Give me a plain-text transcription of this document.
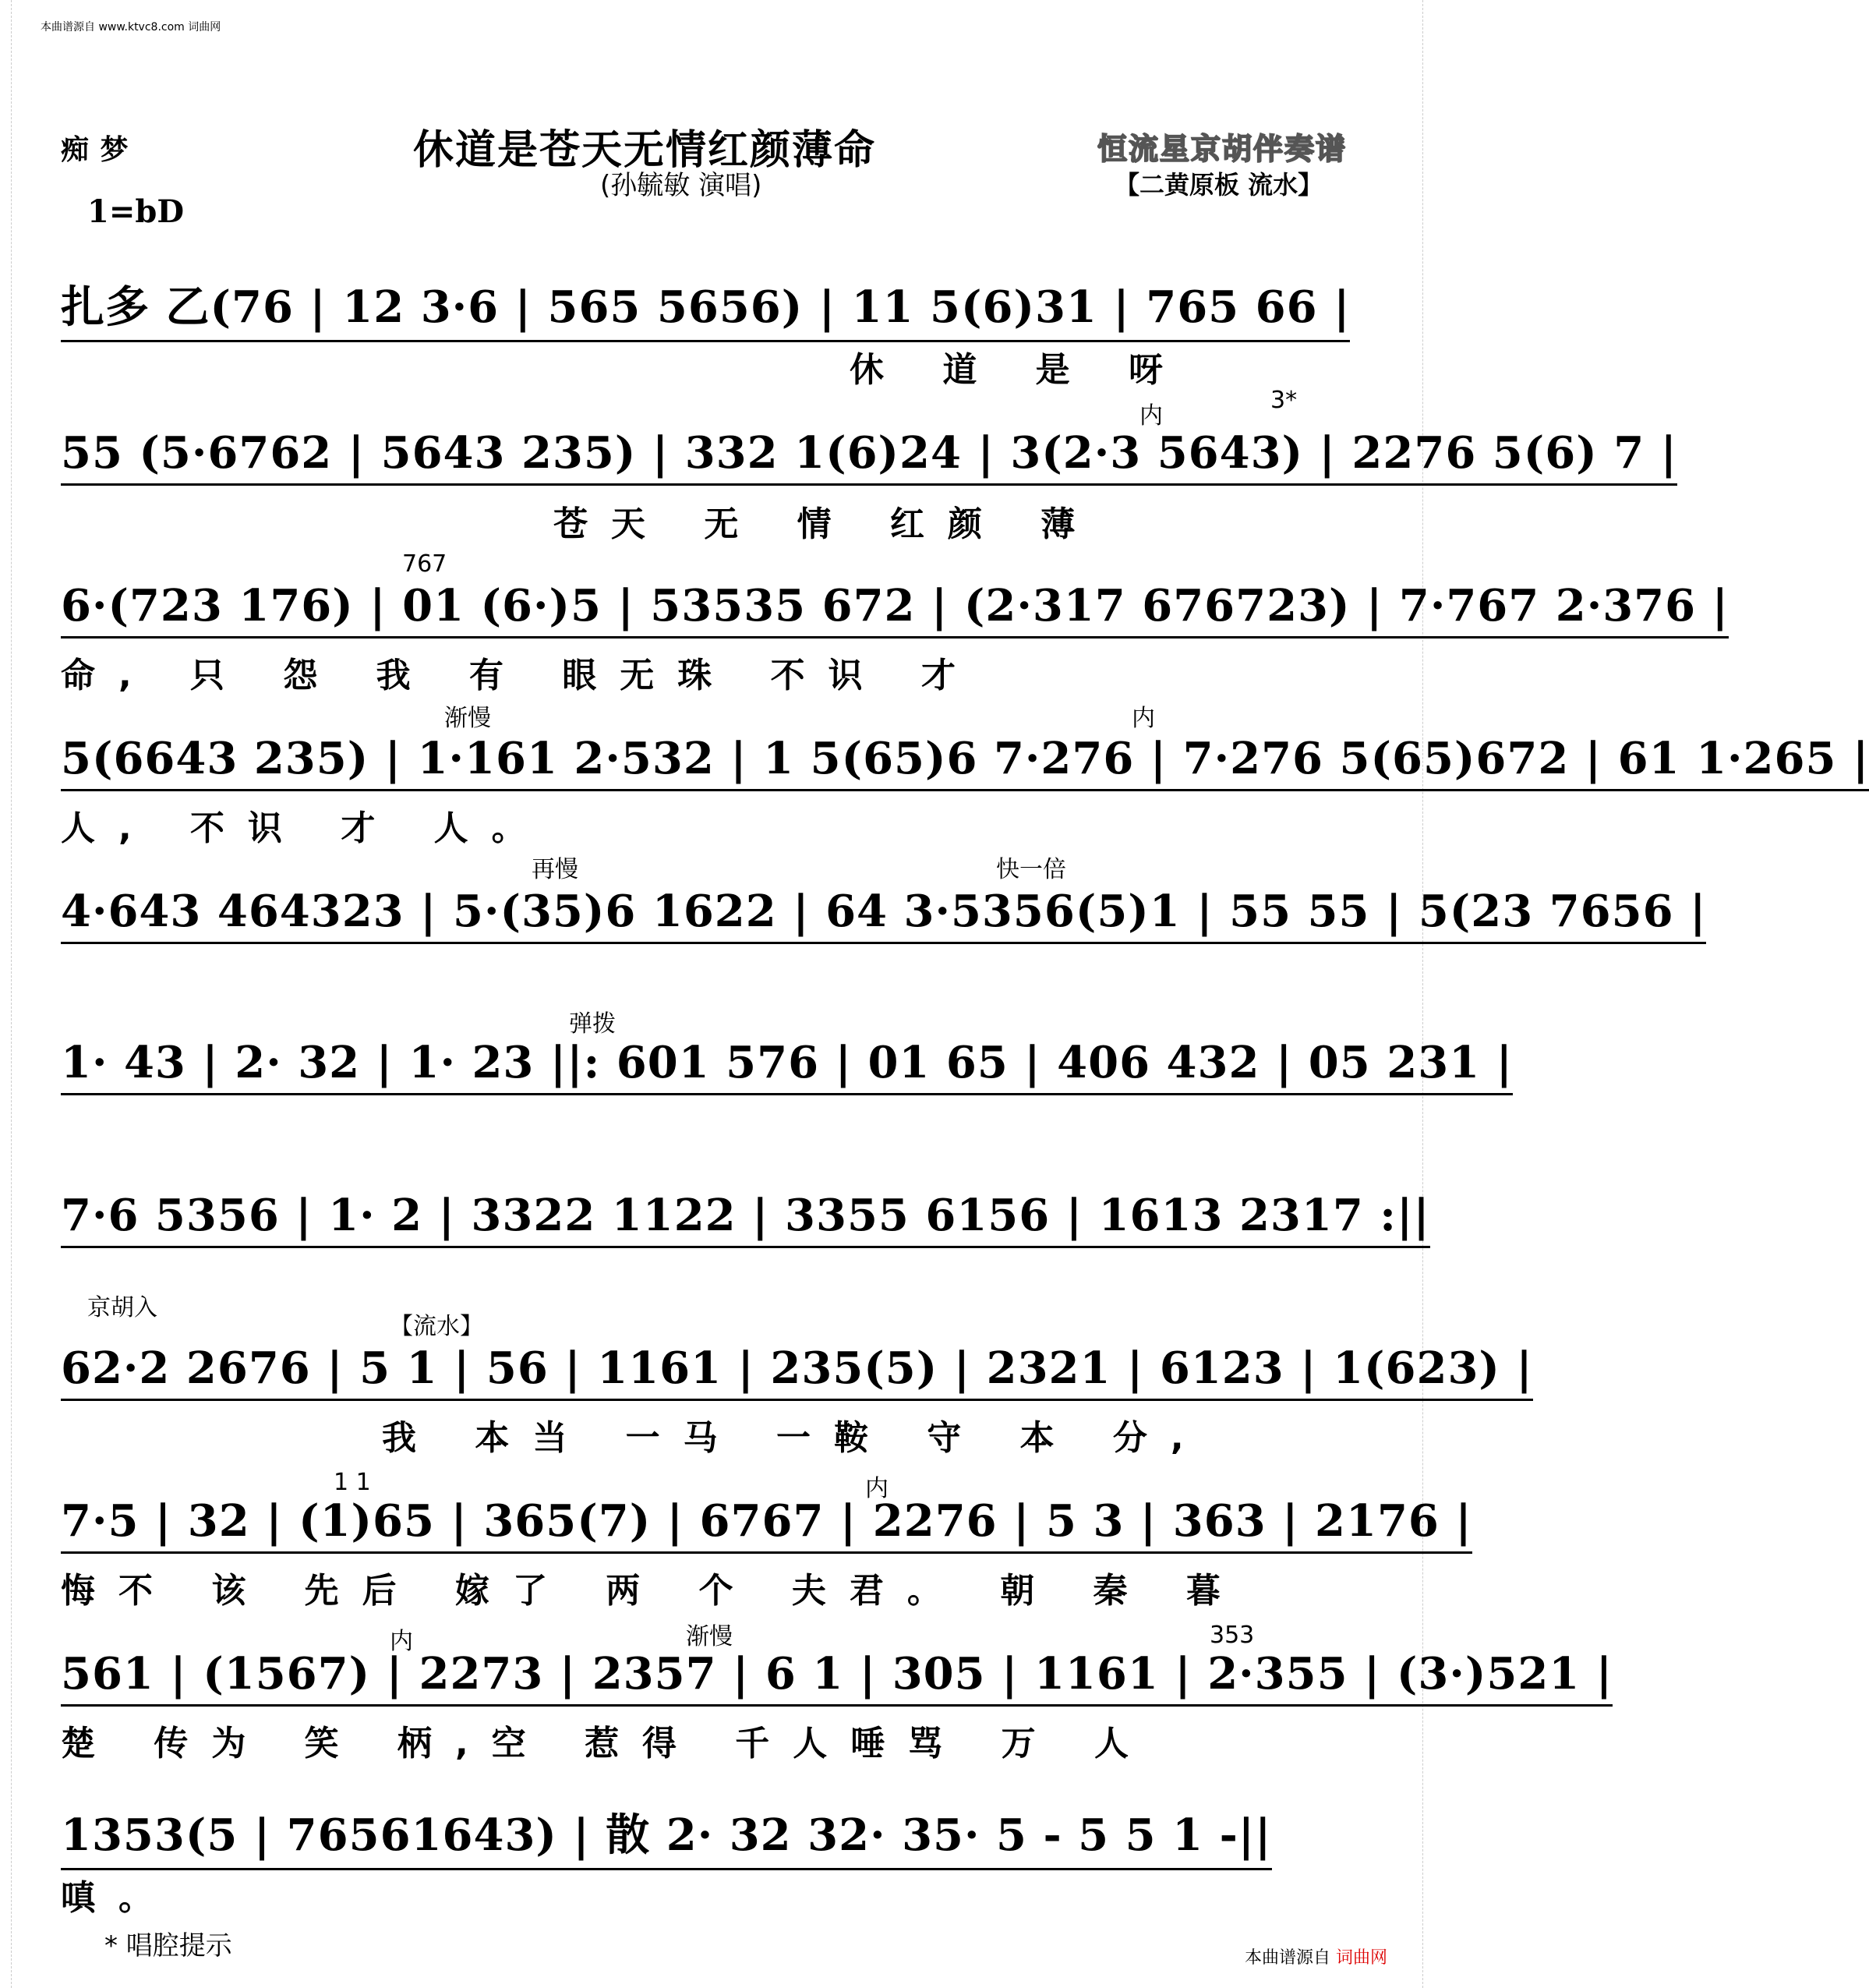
本曲谱源自 www.ktvc8.com 词曲网
痴 梦	休道是苍天无情红颜薄命
(孙毓敏 演唱)
恒流星京胡伴奏谱
【二黄原板 流水】
1=bD
扎多 乙(76 | 12 3·6 | 565 5656) | 11 5(6)31 | 765 66 |
休 道 是 呀
内
3*
55 (5·6762 | 5643 235) | 332 1(6)24 | 3(2·3 5643) | 2276 5(6) 7 |
苍天 无 情 红颜 薄
767
6·(723 176) | 01 (6·)5 | 53535 672 | (2·317 676723) | 7·767 2·376 |
命, 只 怨 我 有 眼无珠 不识 才
渐慢	内
5(6643 235) | 1·161 2·532 | 1 5(65)6 7·276 | 7·276 5(65)672 | 61 1·265 |
人, 不识 才 人。
再慢	快一倍
4·643 464323 | 5·(35)6 1622 | 64 3·5356(5)1 | 55 55 | 5(23 7656 |
弹拨
1· 43 | 2· 32 | 1· 23 ||: 601 576 | 01 65 | 406 432 | 05 231 |
7·6 5356 | 1· 2 | 3322 1122 | 3355 6156 | 1613 2317 :||
京胡入
【流水】
62·2 2676 | 5 1 | 56 | 1161 | 235(5) | 2321 | 6123 | 1(623) |
我 本当 一马 一鞍 守 本 分,
1 1	内
7·5 | 32 | (1)65 | 365(7) | 6767 | 2276 | 5 3 | 363 | 2176 |
悔不 该 先后 嫁了 两 个 夫君。 朝 秦 暮
内	渐慢	353
561 | (1567) | 2273 | 2357 | 6 1 | 305 | 1161 | 2·355 | (3·)521 |
楚 传为 笑 柄,空 惹得 千人唾骂 万 人
1353(5 | 76561643) | 散 2· 32 32· 35· 5 - 5 5 1 -||
嗔。
* 唱腔提示	本曲谱源自 词曲网
